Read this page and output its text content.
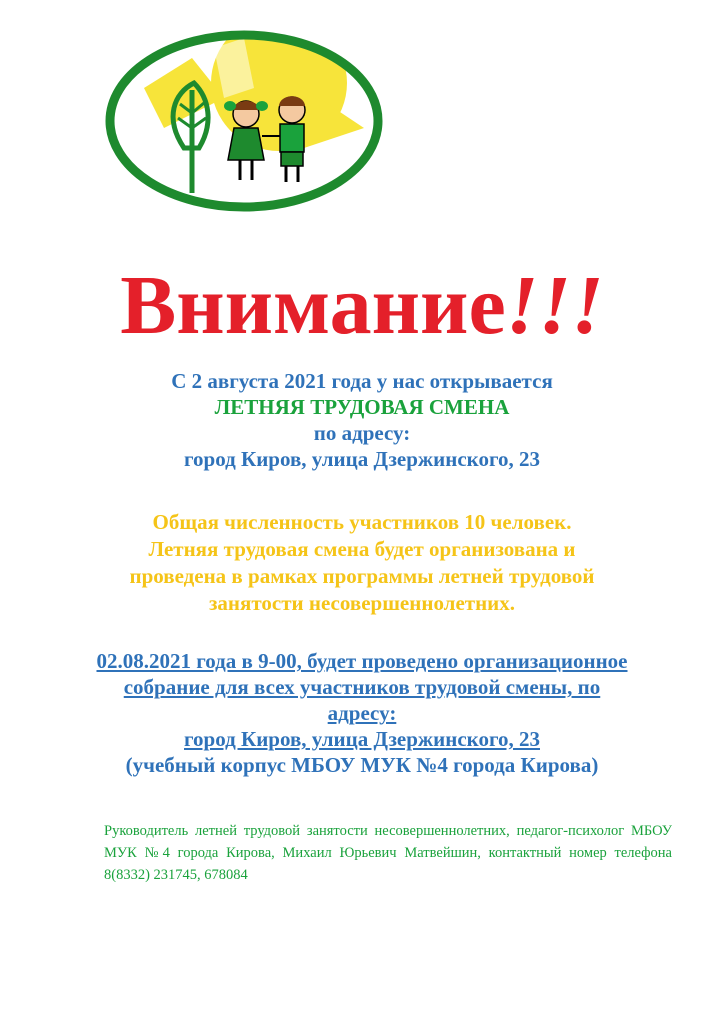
Внимание!!!
С 2 августа 2021 года у нас открывается
ЛЕТНЯЯ ТРУДОВАЯ СМЕНА
по адресу:
город Киров, улица Дзержинского, 23
Общая численность участников 10 человек.
Летняя трудовая смена будет организована и
проведена в рамках программы летней трудовой
занятости несовершеннолетних.
02.08.2021 года в 9-00, будет проведено организационное
собрание для всех участников трудовой смены, по
адресу:
город Киров, улица Дзержинского, 23
(учебный корпус МБОУ МУК №4 города Кирова)
Руководитель летней трудовой занятости несовершеннолетних, педагог-психолог МБОУ МУК №4 города Кирова, Михаил Юрьевич Матвейшин, контактный номер телефона 8(8332) 231745, 678084
